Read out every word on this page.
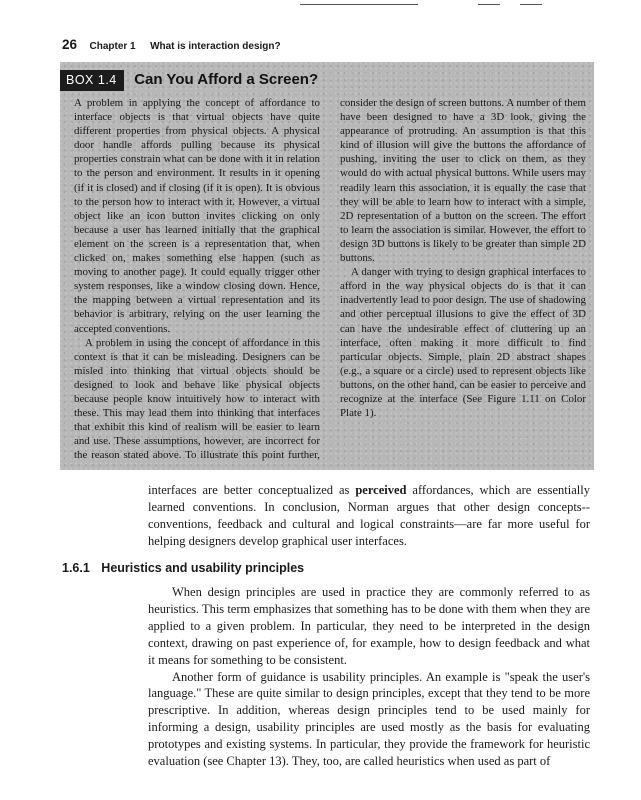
26 Chapter 1 What is interaction design?
BOX 1.4 Can You Afford a Screen?

A problem in applying the concept of affordance to interface objects is that virtual objects have quite different properties from physical objects. A physical door handle affords pulling because its physical properties constrain what can be done with it in relation to the person and environment. It results in it opening (if it is closed) and if closing (if it is open). It is obvious to the person how to interact with it. However, a virtual object like an icon button invites clicking on only because a user has learned initially that the graphical element on the screen is a representation that, when clicked on, makes something else happen (such as moving to another page). It could equally trigger other system responses, like a window closing down. Hence, the mapping between a virtual representation and its behavior is arbitrary, relying on the user learning the accepted conventions.

A problem in using the concept of affordance in this context is that it can be misleading. Designers can be misled into thinking that virtual objects should be designed to look and behave like physical objects because people know intuitively how to interact with these. This may lead them into thinking that interfaces that exhibit this kind of realism will be easier to learn and use. These assumptions, however, are incorrect for the reason stated above. To illustrate this point further, consider the design of screen buttons. A number of them have been designed to have a 3D look, giving the appearance of protruding. An assumption is that this kind of illusion will give the buttons the affordance of pushing, inviting the user to click on them, as they would do with actual physical buttons. While users may readily learn this association, it is equally the case that they will be able to learn how to interact with a simple, 2D representation of a button on the screen. The effort to learn the association is similar. However, the effort to design 3D buttons is likely to be greater than simple 2D buttons.

A danger with trying to design graphical interfaces to afford in the way physical objects do is that it can inadvertently lead to poor design. The use of shadowing and other perceptual illusions to give the effect of 3D can have the undesirable effect of cluttering up an interface, often making it more difficult to find particular objects. Simple, plain 2D abstract shapes (e.g., a square or a circle) used to represent objects like buttons, on the other hand, can be easier to perceive and recognize at the interface (See Figure 1.11 on Color Plate 1).

interfaces are better conceptualized as perceived affordances, which are essentially learned conventions. In conclusion, Norman argues that other design concepts--conventions, feedback and cultural and logical constraints—are far more useful for helping designers develop graphical user interfaces.

1.6.1 Heuristics and usability principles

When design principles are used in practice they are commonly referred to as heuristics. This term emphasizes that something has to be done with them when they are applied to a given problem. In particular, they need to be interpreted in the design context, drawing on past experience of, for example, how to design feedback and what it means for something to be consistent.

Another form of guidance is usability principles. An example is "speak the user's language." These are quite similar to design principles, except that they tend to be more prescriptive. In addition, whereas design principles tend to be used mainly for informing a design, usability principles are used mostly as the basis for evaluating prototypes and existing systems. In particular, they provide the framework for heuristic evaluation (see Chapter 13). They, too, are called heuristics when used as part of
